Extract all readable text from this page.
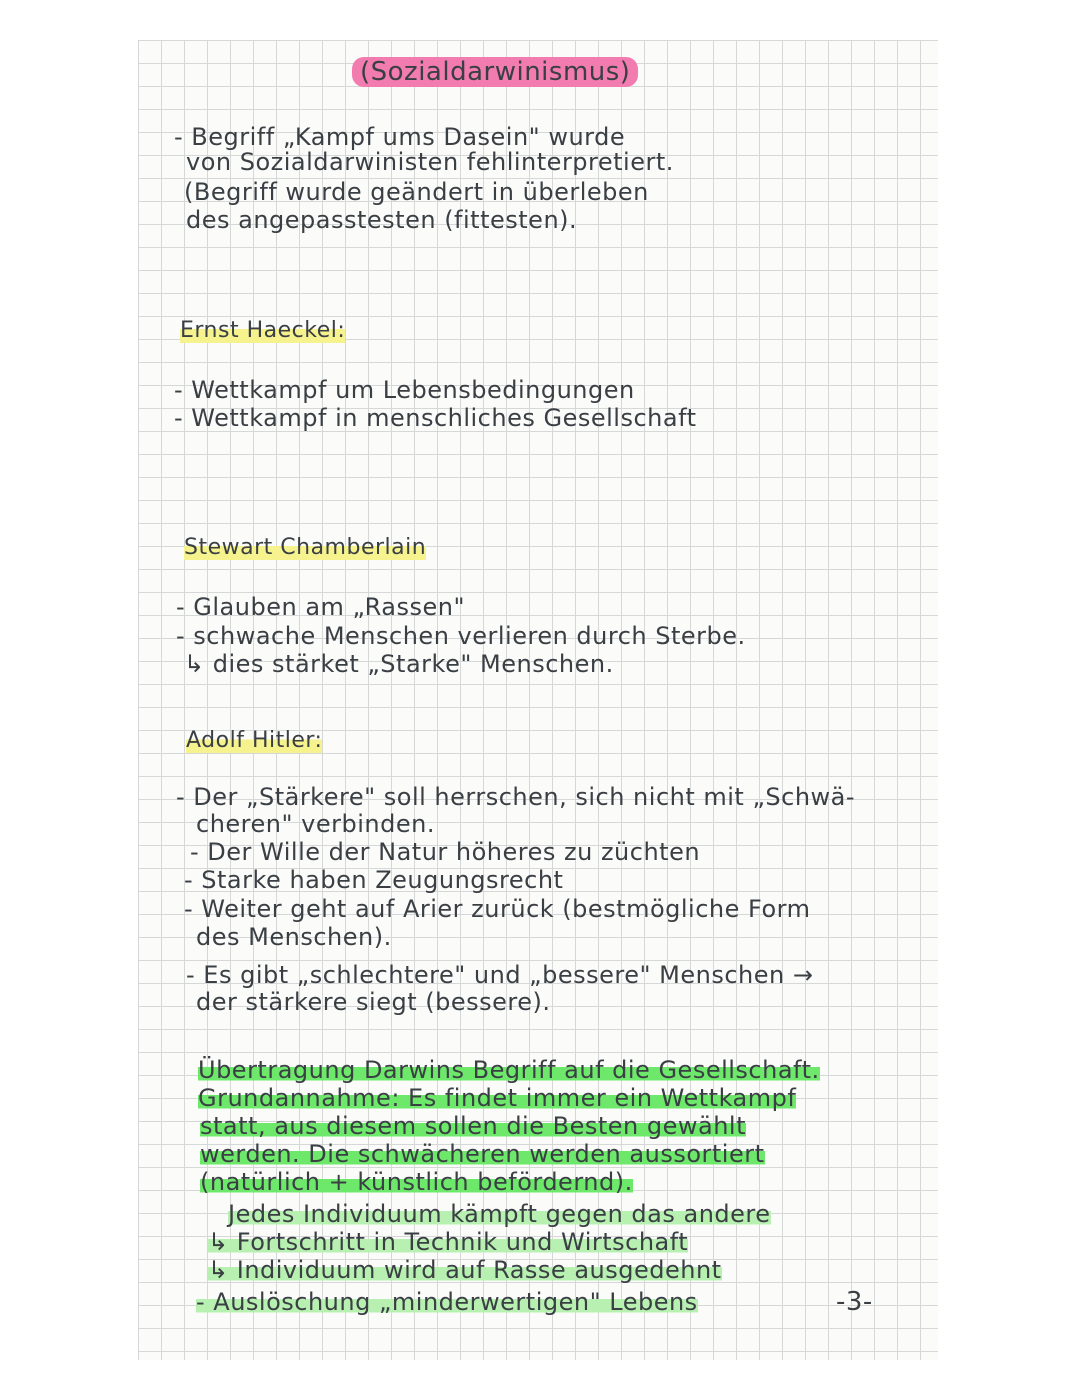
(Sozialdarwinismus)
- Begriff „Kampf ums Dasein" wurde
von Sozialdarwinisten fehlinterpretiert.
(Begriff wurde geändert in überleben
des angepasstesten (fittesten).
Ernst Haeckel:
- Wettkampf um Lebensbedingungen
- Wettkampf in menschliches Gesellschaft
Stewart Chamberlain
- Glauben am „Rassen"
- schwache Menschen verlieren durch Sterbe.
↳ dies stärket „Starke" Menschen.
Adolf Hitler:
- Der „Stärkere" soll herrschen, sich nicht mit „Schwä-
cheren" verbinden.
- Der Wille der Natur höheres zu züchten
- Starke haben Zeugungsrecht
- Weiter geht auf Arier zurück (bestmögliche Form
des Menschen).
- Es gibt „schlechtere" und „bessere" Menschen →
der stärkere siegt (bessere).
Übertragung Darwins Begriff auf die Gesellschaft.
Grundannahme: Es findet immer ein Wettkampf
statt, aus diesem sollen die Besten gewählt
werden. Die schwächeren werden aussortiert
(natürlich + künstlich befördernd).
Jedes Individuum kämpft gegen das andere
↳ Fortschritt in Technik und Wirtschaft
↳ Individuum wird auf Rasse ausgedehnt
- Auslöschung „minderwertigen" Lebens	-3-
